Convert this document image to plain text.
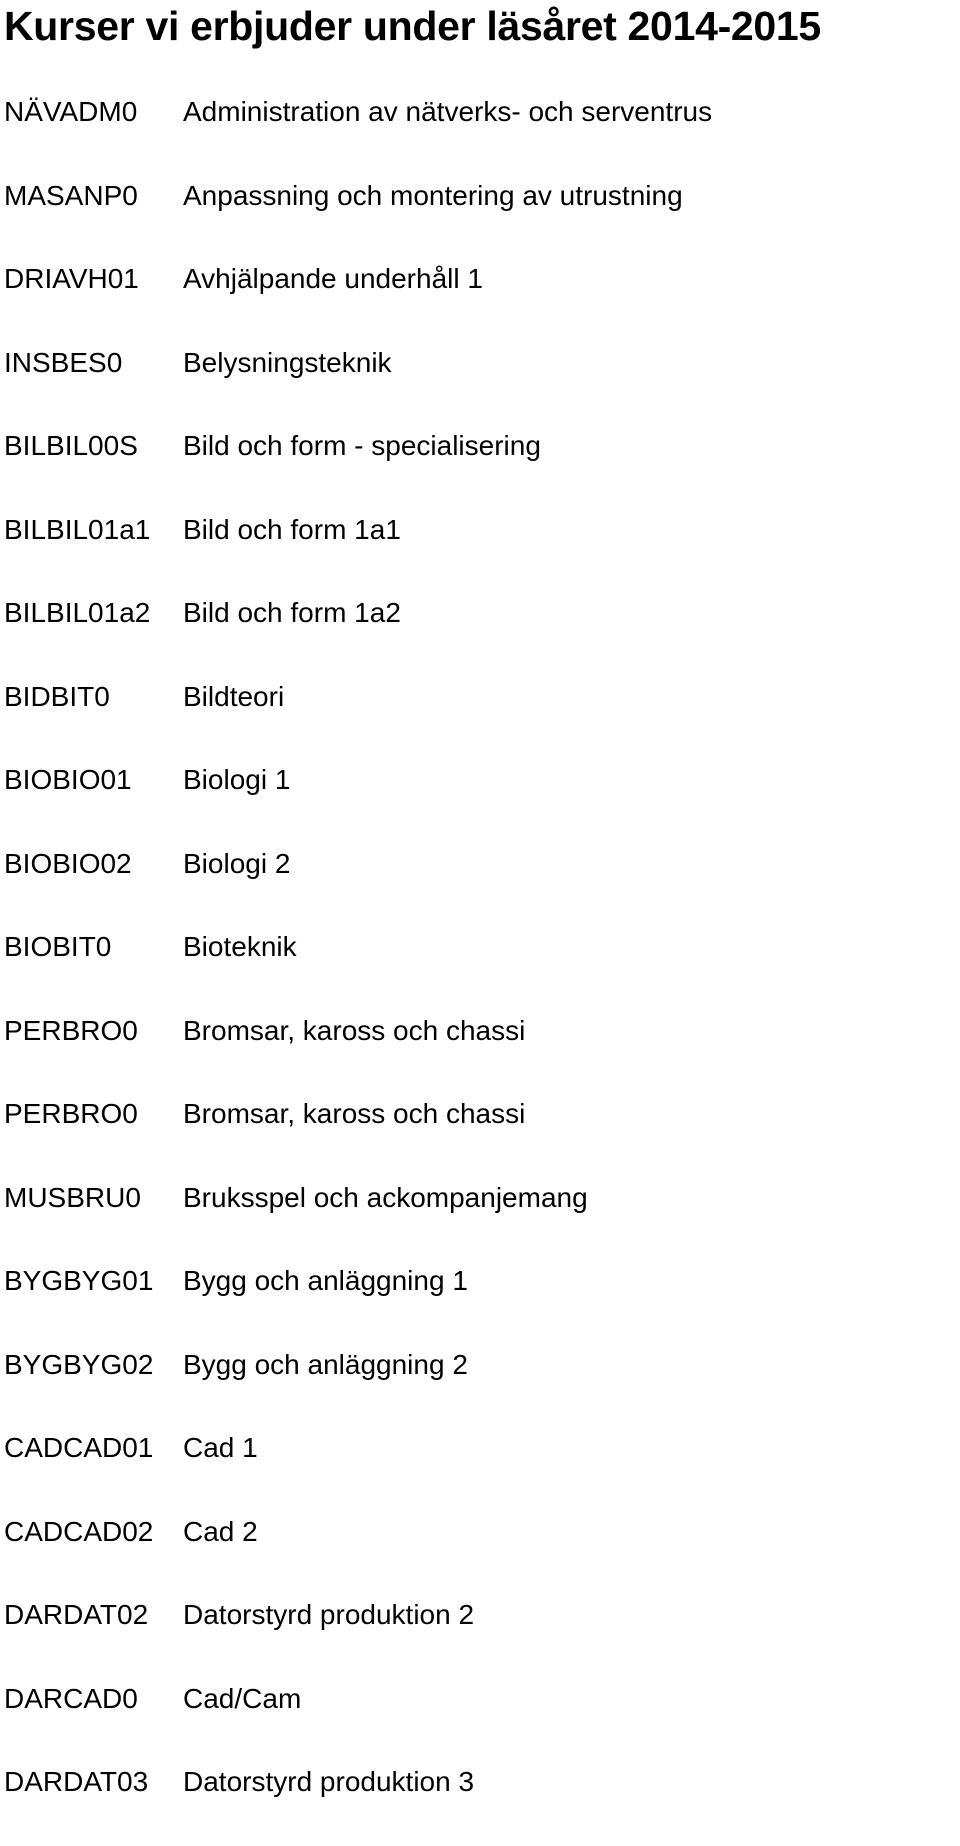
Kurser vi erbjuder under läsåret 2014-2015
NÄVADM0 Administration av nätverks- och serventrus
MASANP0 Anpassning och montering av utrustning
DRIAVH01 Avhjälpande underhåll 1
INSBES0 Belysningsteknik
BILBIL00S Bild och form - specialisering
BILBIL01a1 Bild och form 1a1
BILBIL01a2 Bild och form 1a2
BIDBIT0	Bildteori
BIOBIO01 Biologi 1
BIOBIO02 Biologi 2
BIOBIT0	Bioteknik
PERBRO0 Bromsar, kaross och chassi
PERBRO0 Bromsar, kaross och chassi
MUSBRU0 Bruksspel och ackompanjemang
BYGBYG01 Bygg och anläggning 1
BYGBYG02 Bygg och anläggning 2
CADCAD01 Cad 1
CADCAD02 Cad 2
DARDAT02 Datorstyrd produktion 2
DARCAD0 Cad/Cam
DARDAT03 Datorstyrd produktion 3
